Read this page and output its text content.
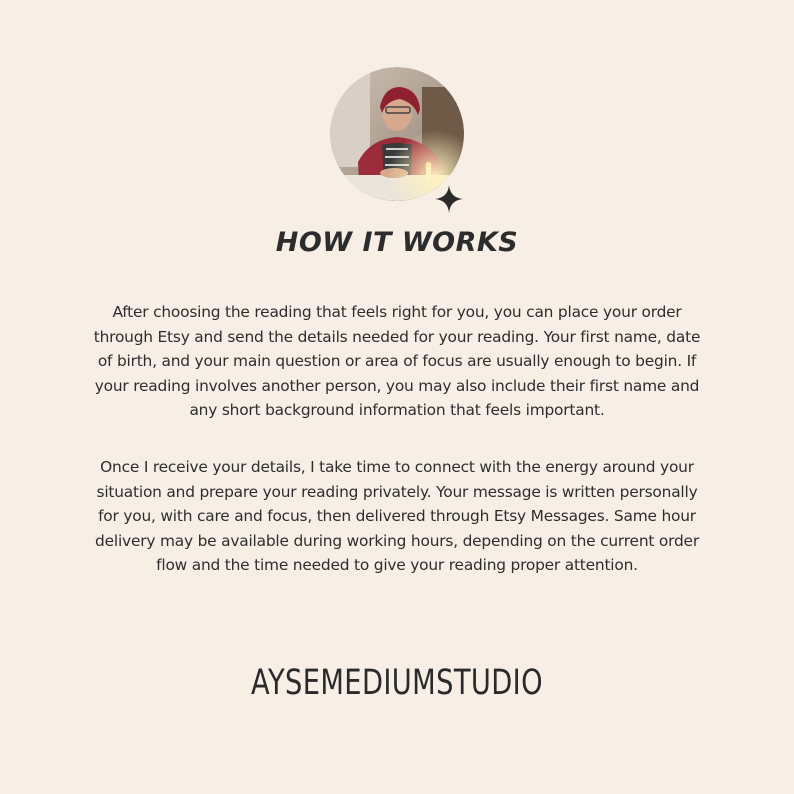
HOW IT WORKS

After choosing the reading that feels right for you, you can place your order through Etsy and send the details needed for your reading. Your first name, date of birth, and your main question or area of focus are usually enough to begin. If your reading involves another person, you may also include their first name and any short background information that feels important.

Once I receive your details, I take time to connect with the energy around your situation and prepare your reading privately. Your message is written personally for you, with care and focus, then delivered through Etsy Messages. Same hour delivery may be available during working hours, depending on the current order flow and the time needed to give your reading proper attention.

AYSEMEDIUMSTUDIO
